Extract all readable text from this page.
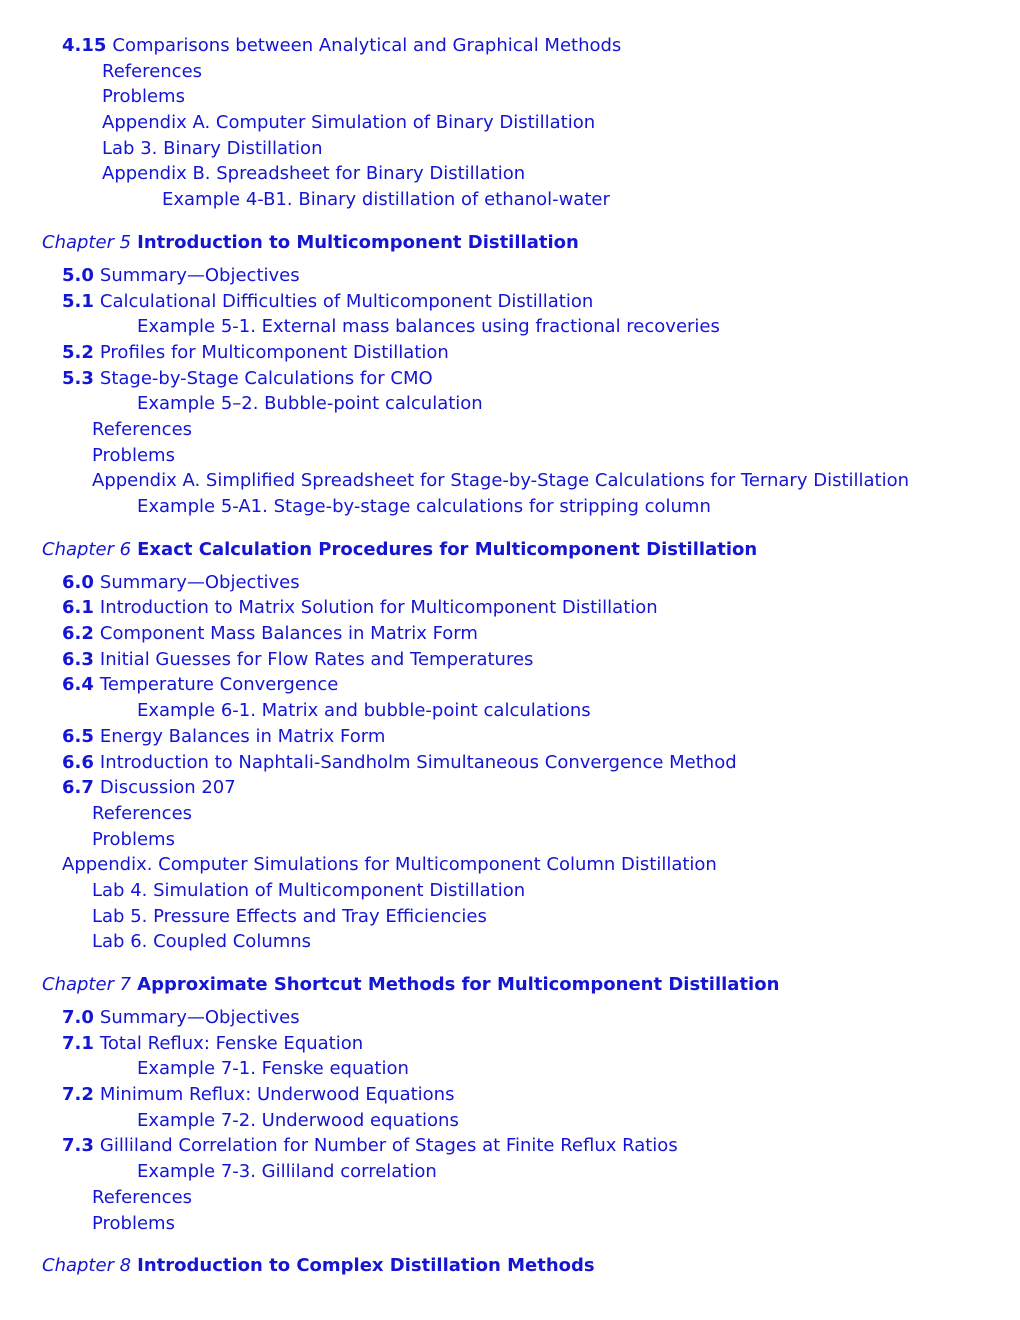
4.15 Comparisons between Analytical and Graphical Methods
References
Problems
Appendix A. Computer Simulation of Binary Distillation
Lab 3. Binary Distillation
Appendix B. Spreadsheet for Binary Distillation
Example 4-B1. Binary distillation of ethanol-water
Chapter 5 Introduction to Multicomponent Distillation
5.0 Summary—Objectives
5.1 Calculational Difficulties of Multicomponent Distillation
Example 5-1. External mass balances using fractional recoveries
5.2 Profiles for Multicomponent Distillation
5.3 Stage-by-Stage Calculations for CMO
Example 5–2. Bubble-point calculation
References
Problems
Appendix A. Simplified Spreadsheet for Stage-by-Stage Calculations for Ternary Distillation
Example 5-A1. Stage-by-stage calculations for stripping column
Chapter 6 Exact Calculation Procedures for Multicomponent Distillation
6.0 Summary—Objectives
6.1 Introduction to Matrix Solution for Multicomponent Distillation
6.2 Component Mass Balances in Matrix Form
6.3 Initial Guesses for Flow Rates and Temperatures
6.4 Temperature Convergence
Example 6-1. Matrix and bubble-point calculations
6.5 Energy Balances in Matrix Form
6.6 Introduction to Naphtali-Sandholm Simultaneous Convergence Method
6.7 Discussion 207
References
Problems
Appendix. Computer Simulations for Multicomponent Column Distillation
Lab 4. Simulation of Multicomponent Distillation
Lab 5. Pressure Effects and Tray Efficiencies
Lab 6. Coupled Columns
Chapter 7 Approximate Shortcut Methods for Multicomponent Distillation
7.0 Summary—Objectives
7.1 Total Reflux: Fenske Equation
Example 7-1. Fenske equation
7.2 Minimum Reflux: Underwood Equations
Example 7-2. Underwood equations
7.3 Gilliland Correlation for Number of Stages at Finite Reflux Ratios
Example 7-3. Gilliland correlation
References
Problems
Chapter 8 Introduction to Complex Distillation Methods
